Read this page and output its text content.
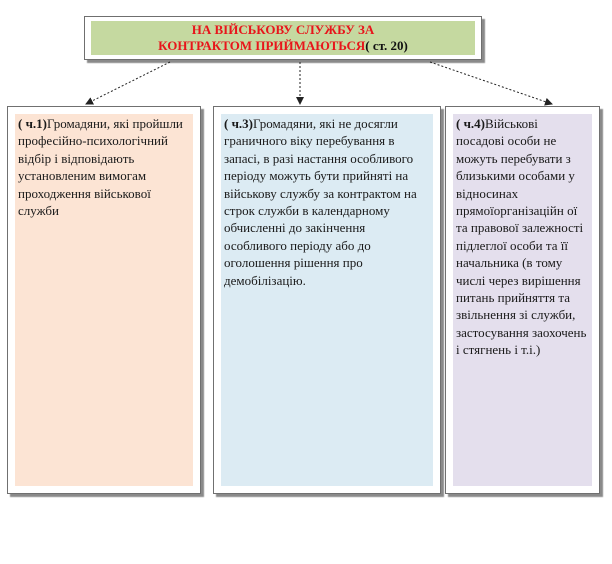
НА ВІЙСЬКОВУ СЛУЖБУ ЗА
КОНТРАКТОМ ПРИЙМАЮТЬСЯ( ст. 20)
( ч.1)Громадяни, які пройшли професійно-психологічний відбір і відповідають установленим вимогам проходження військової служби
( ч.3)Громадяни, які не досягли граничного віку перебування в запасі, в разі настання особливого періоду можуть бути прийняті на військову службу за контрактом на строк служби в календарному обчисленні до закінчення особливого періоду або до оголошення рішення про демобілізацію.
( ч.4)Військові посадові особи не можуть перебувати з близькими особами у відносинах прямоїорганізаційн ої та правової залежності підлеглої особи та її начальника (в тому числі через вирішення питань прийняття та звільнення зі служби, застосування заохочень і стягнень і т.і.)
